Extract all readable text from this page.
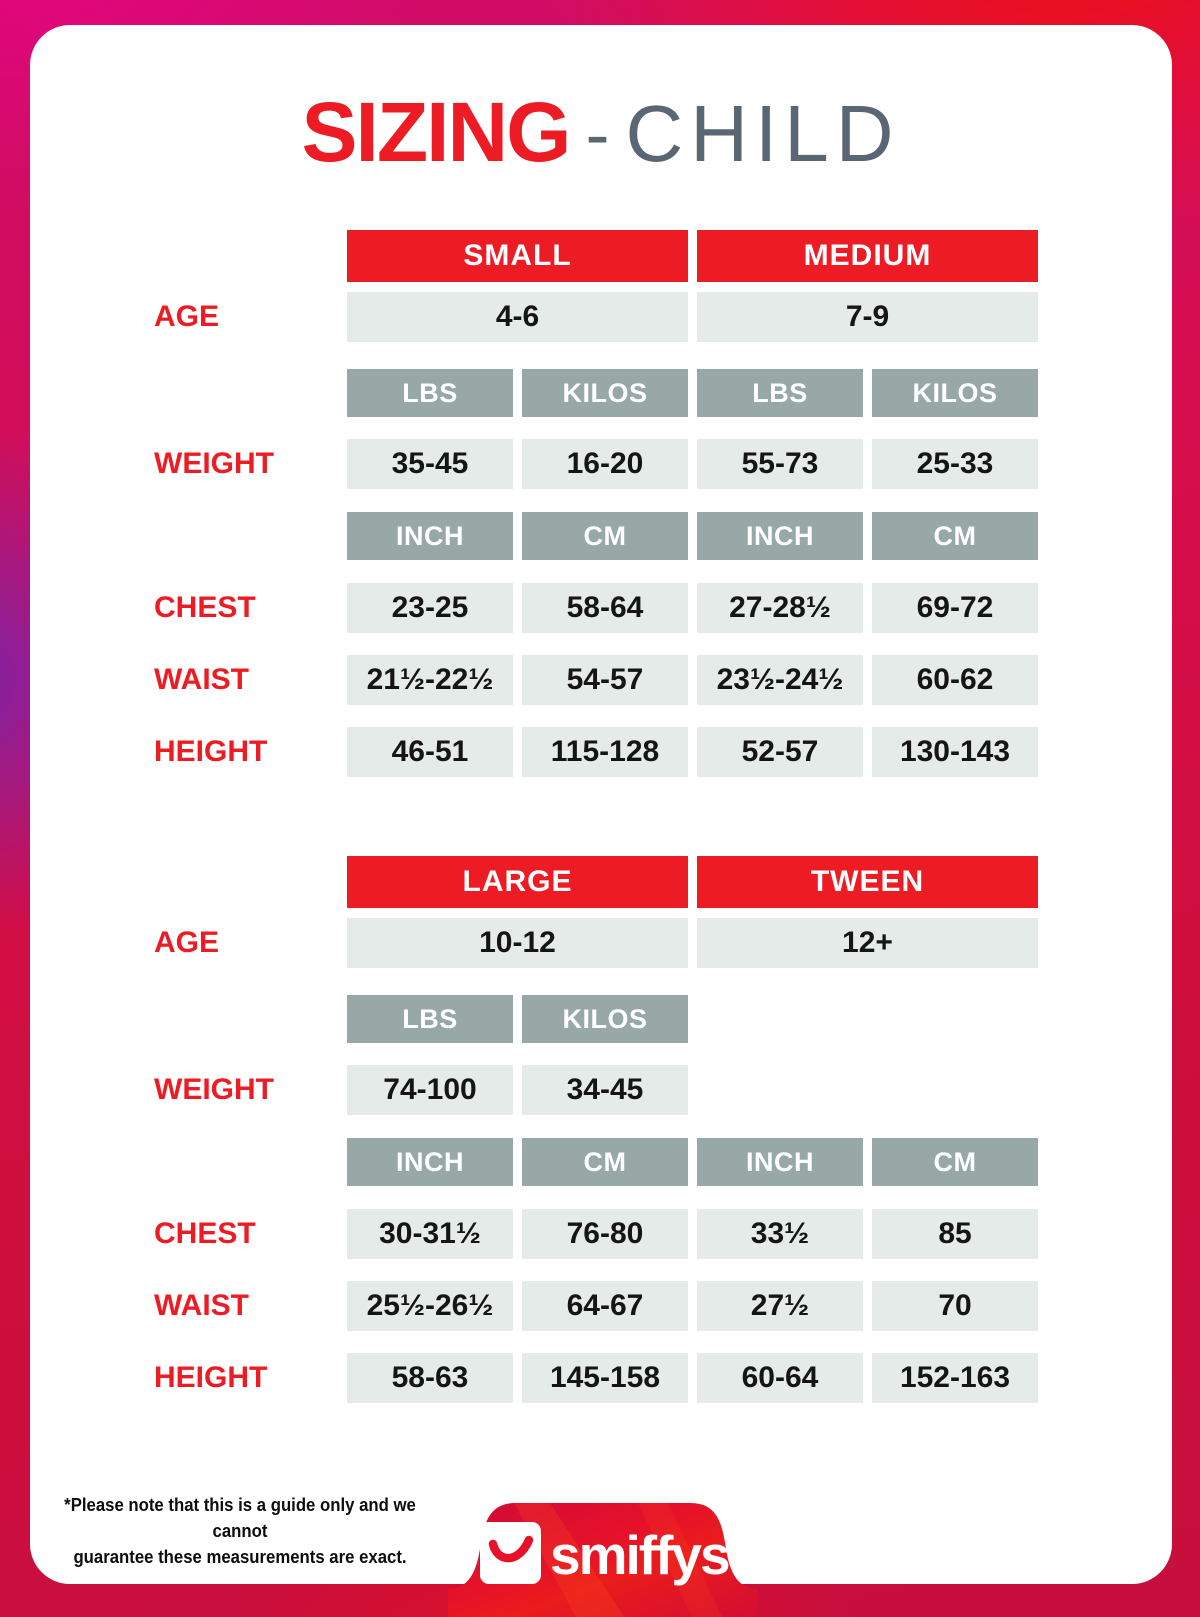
SIZING - CHILD
SMALL	MEDIUM
AGE	4-6	7-9
LBS	KILOS	LBS	KILOS
WEIGHT	35-45	16-20	55-73	25-33
INCH	CM	INCH	CM
CHEST	23-25	58-64	27-28½	69-72
WAIST	21½-22½	54-57	23½-24½	60-62
HEIGHT	46-51	115-128	52-57	130-143
LARGE	TWEEN
AGE	10-12	12+
LBS	KILOS
WEIGHT	74-100	34-45
INCH	CM	INCH	CM
CHEST	30-31½	76-80	33½	85
WAIST	25½-26½	64-67	27½	70
HEIGHT	58-63	145-158	60-64	152-163
*Please note that this is a guide only and we cannot
guarantee these measurements are exact.	smiffys TM
